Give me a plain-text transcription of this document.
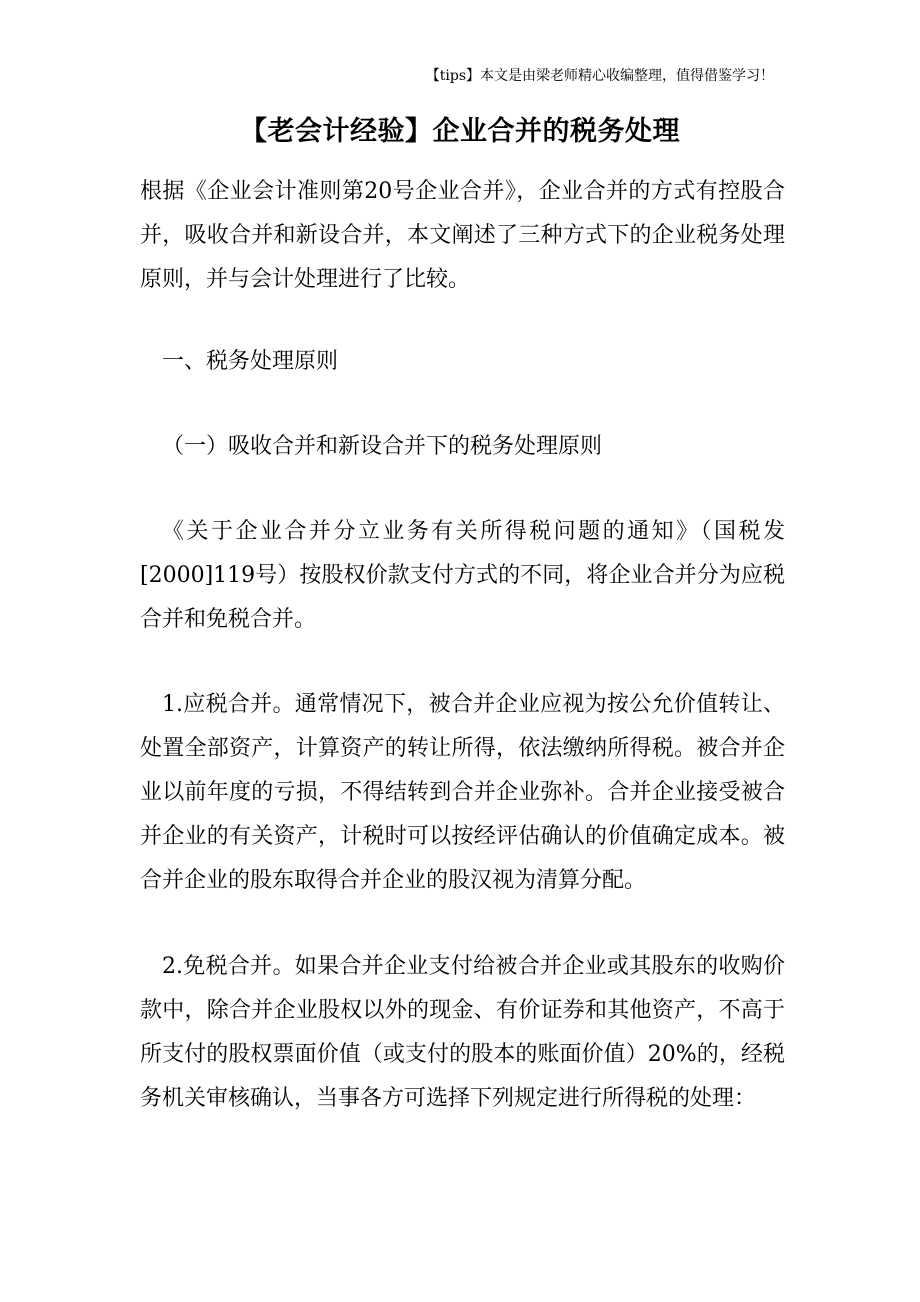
【tips】本文是由梁老师精心收编整理，值得借鉴学习！
【老会计经验】企业合并的税务处理

根据《企业会计准则第20号企业合并》，企业合并的方式有控股合并，吸收合并和新设合并，本文阐述了三种方式下的企业税务处理原则，并与会计处理进行了比较。

一、税务处理原则

（一）吸收合并和新设合并下的税务处理原则

《关于企业合并分立业务有关所得税问题的通知》（国税发[2000]119号）按股权价款支付方式的不同，将企业合并分为应税合并和免税合并。

1.应税合并。通常情况下，被合并企业应视为按公允价值转让、处置全部资产，计算资产的转让所得，依法缴纳所得税。被合并企业以前年度的亏损，不得结转到合并企业弥补。合并企业接受被合并企业的有关资产，计税时可以按经评估确认的价值确定成本。被合并企业的股东取得合并企业的股汉视为清算分配。

2.免税合并。如果合并企业支付给被合并企业或其股东的收购价款中，除合并企业股权以外的现金、有价证券和其他资产，不高于所支付的股权票面价值（或支付的股本的账面价值）20%的，经税务机关审核确认，当事各方可选择下列规定进行所得税的处理：
